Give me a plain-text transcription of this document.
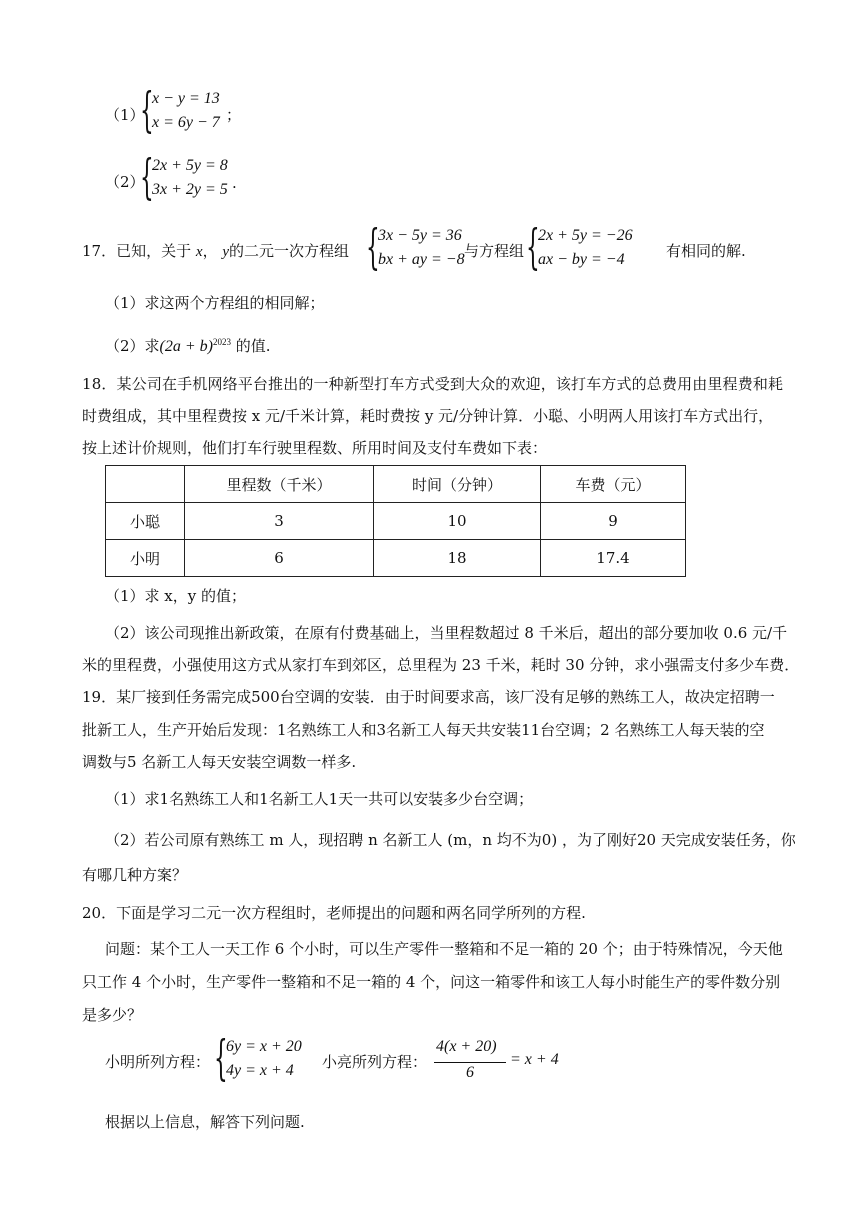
（1）
{
x − y = 13
x = 6y − 7 ；
（2）
{
2x + 5y = 8
3x + 2y = 5 .
17．已知，关于 x， y的二元一次方程组 {
3x − 5y = 36
bx + ay = −8 与方程组 {
2x + 5y = −26
ax − by = −4	有相同的解.
（1）求这两个方程组的相同解；
（2）求$(2a + b)^{2023}$ 的值.
18．某公司在手机网络平台推出的一种新型打车方式受到大众的欢迎，该打车方式的总费用由里程费和耗
时费组成，其中里程费按 x 元/千米计算，耗时费按 y 元/分钟计算．小聪、小明两人用该打车方式出行，
按上述计价规则，他们打车行驶里程数、所用时间及支付车费如下表：
	里程数（千米）	时间（分钟）	车费（元）
小聪	3	10	9
小明	6	18	17.4
（1）求 x，y 的值；
（2）该公司现推出新政策，在原有付费基础上，当里程数超过 8 千米后，超出的部分要加收 0.6 元/千
米的里程费，小强使用这方式从家打车到郊区，总里程为 23 千米，耗时 30 分钟，求小强需支付多少车费．
19．某厂接到任务需完成500台空调的安装．由于时间要求高，该厂没有足够的熟练工人，故决定招聘一
批新工人，生产开始后发现：1名熟练工人和3名新工人每天共安装11台空调；2 名熟练工人每天装的空
调数与5 名新工人每天安装空调数一样多.
（1）求1名熟练工人和1名新工人1天一共可以安装多少台空调；
（2）若公司原有熟练工 m 人，现招聘 n 名新工人 (m，n 均不为0) ，为了刚好20 天完成安装任务，你
有哪几种方案？
20．下面是学习二元一次方程组时，老师提出的问题和两名同学所列的方程.
问题：某个工人一天工作 6 个小时，可以生产零件一整箱和不足一箱的 20 个；由于特殊情况，今天他
只工作 4 个小时，生产零件一整箱和不足一箱的 4 个，问这一箱零件和该工人每小时能生产的零件数分别
是多少？
小明所列方程： {
6y = x + 20
4y = x + 4 小亮所列方程：
4(x + 20)
6
= x + 4
根据以上信息，解答下列问题.
